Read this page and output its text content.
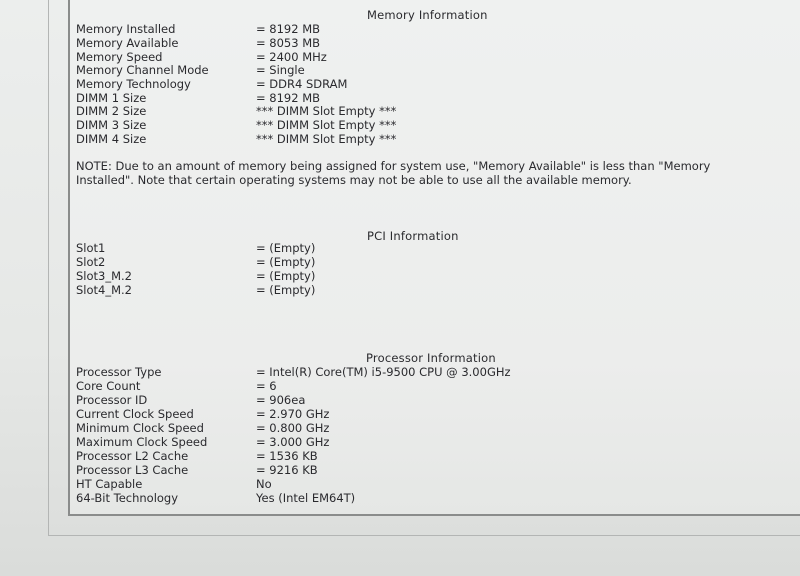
Memory Information
Memory Installed	= 8192 MB
Memory Available	= 8053 MB
Memory Speed	= 2400 MHz
Memory Channel Mode	= Single
Memory Technology	= DDR4 SDRAM
DIMM 1 Size	= 8192 MB
DIMM 2 Size	*** DIMM Slot Empty ***
DIMM 3 Size	*** DIMM Slot Empty ***
DIMM 4 Size	*** DIMM Slot Empty ***
NOTE: Due to an amount of memory being assigned for system use, "Memory Available" is less than "Memory Installed". Note that certain operating systems may not be able to use all the available memory.
PCI Information
Slot1	= (Empty)
Slot2	= (Empty)
Slot3_M.2	= (Empty)
Slot4_M.2	= (Empty)
Processor Information
Processor Type	= Intel(R) Core(TM) i5-9500 CPU @ 3.00GHz
Core Count	= 6
Processor ID	= 906ea
Current Clock Speed	= 2.970 GHz
Minimum Clock Speed	= 0.800 GHz
Maximum Clock Speed	= 3.000 GHz
Processor L2 Cache	= 1536 KB
Processor L3 Cache	= 9216 KB
HT Capable	No
64-Bit Technology	Yes (Intel EM64T)
